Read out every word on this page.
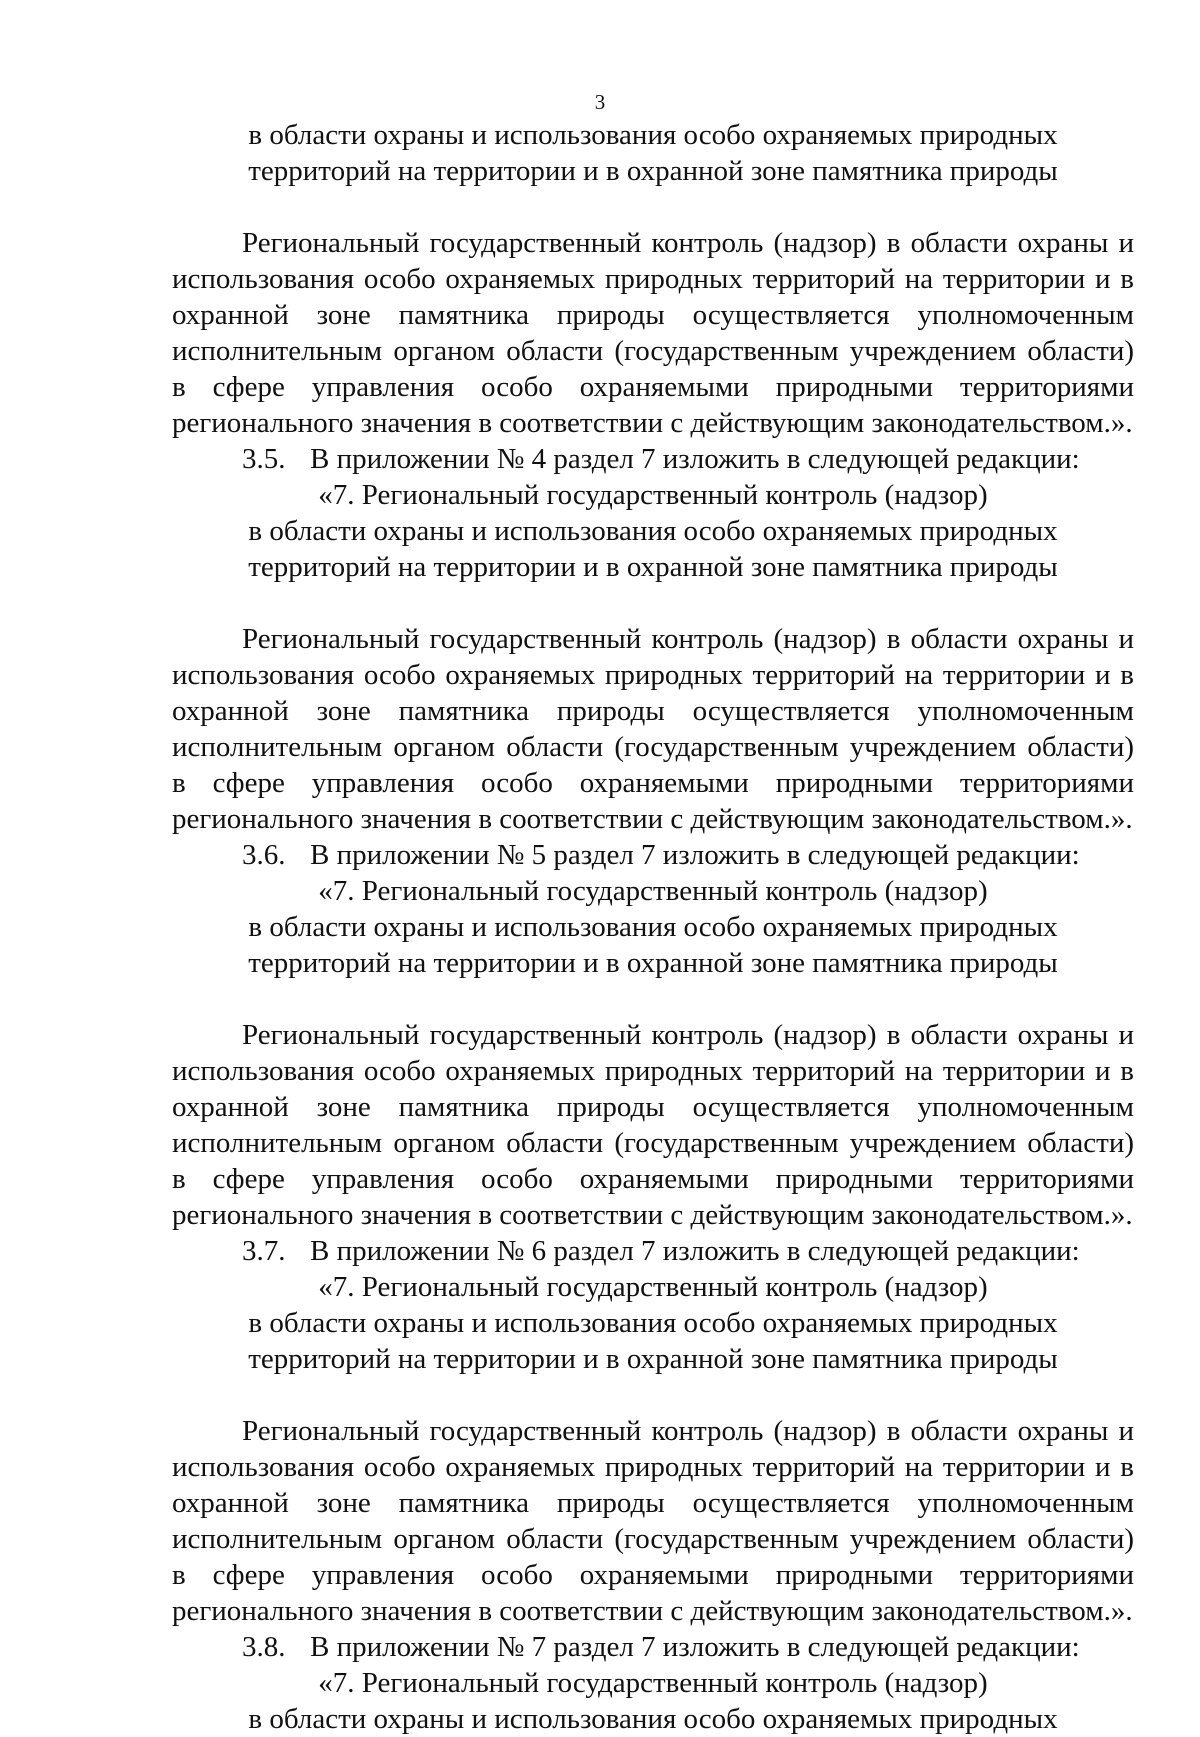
3
в области охраны и использования особо охраняемых природных
территорий на территории и в охранной зоне памятника природы

Региональный государственный контроль (надзор) в области охраны и использования особо охраняемых природных территорий на территории и в охранной зоне памятника природы осуществляется уполномоченным исполнительным органом области (государственным учреждением области) в сфере управления особо охраняемыми природными территориями регионального значения в соответствии с действующим законодательством.».

3.5. В приложении № 4 раздел 7 изложить в следующей редакции:

«7. Региональный государственный контроль (надзор)
в области охраны и использования особо охраняемых природных
территорий на территории и в охранной зоне памятника природы

Региональный государственный контроль (надзор) в области охраны и использования особо охраняемых природных территорий на территории и в охранной зоне памятника природы осуществляется уполномоченным исполнительным органом области (государственным учреждением области) в сфере управления особо охраняемыми природными территориями регионального значения в соответствии с действующим законодательством.».

3.6. В приложении № 5 раздел 7 изложить в следующей редакции:

«7. Региональный государственный контроль (надзор)
в области охраны и использования особо охраняемых природных
территорий на территории и в охранной зоне памятника природы

Региональный государственный контроль (надзор) в области охраны и использования особо охраняемых природных территорий на территории и в охранной зоне памятника природы осуществляется уполномоченным исполнительным органом области (государственным учреждением области) в сфере управления особо охраняемыми природными территориями регионального значения в соответствии с действующим законодательством.».

3.7. В приложении № 6 раздел 7 изложить в следующей редакции:

«7. Региональный государственный контроль (надзор)
в области охраны и использования особо охраняемых природных
территорий на территории и в охранной зоне памятника природы

Региональный государственный контроль (надзор) в области охраны и использования особо охраняемых природных территорий на территории и в охранной зоне памятника природы осуществляется уполномоченным исполнительным органом области (государственным учреждением области) в сфере управления особо охраняемыми природными территориями регионального значения в соответствии с действующим законодательством.».

3.8. В приложении № 7 раздел 7 изложить в следующей редакции:

«7. Региональный государственный контроль (надзор)
в области охраны и использования особо охраняемых природных
